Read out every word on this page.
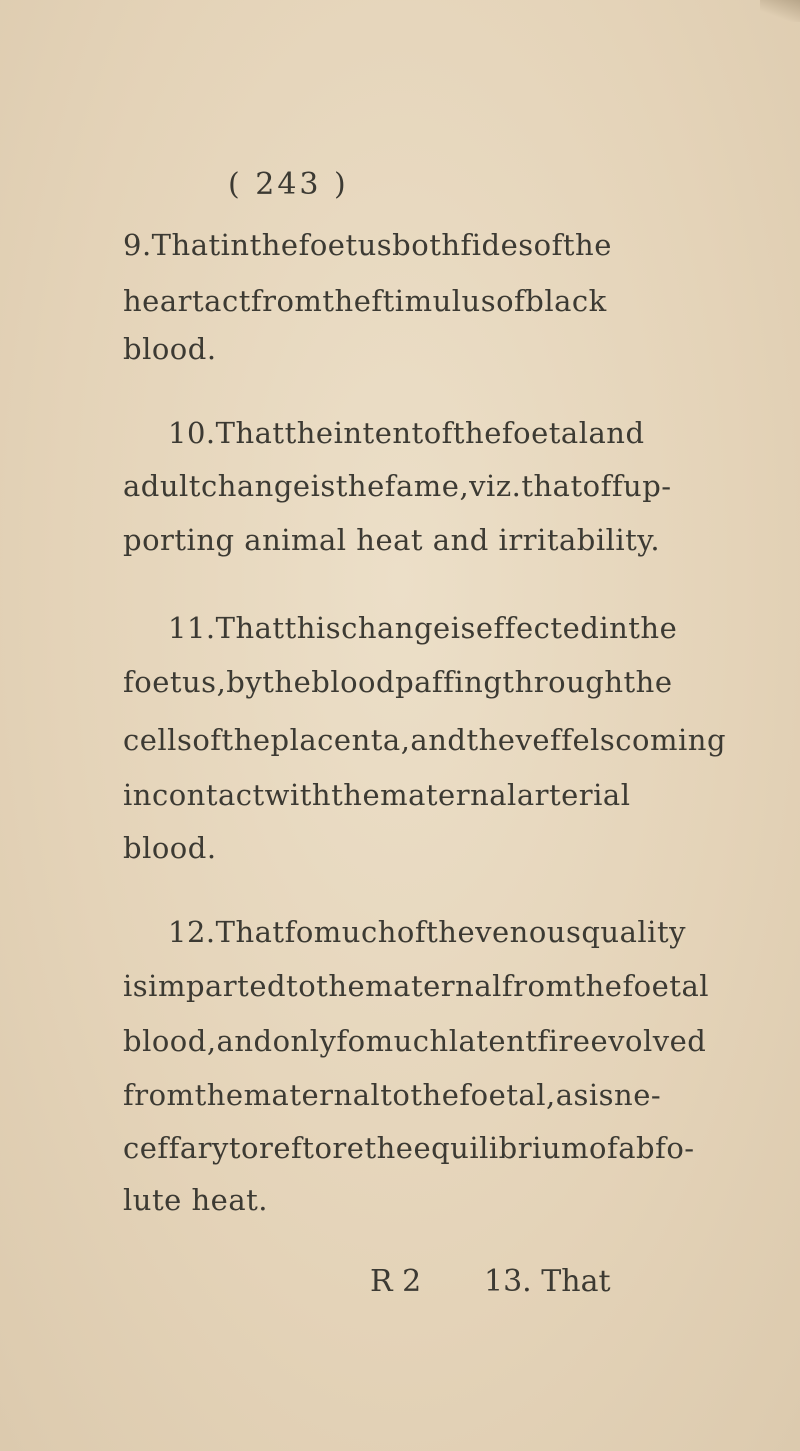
( 243 )
9. That in the foetus both fides of the
heart act from the ftimulus of black
blood.
10. That the intent of the foetal and
adult change is the fame, viz. that of fup-
porting animal heat and irritability.
11. That this change is effected in the
foetus, by the blood paffing through the
cells of the placenta, and the veffels coming
in contact with the maternal arterial
blood.
12. That fo much of the venous quality
is imparted to the maternal from the foetal
blood, and only fo much latent fire evolved
from the maternal to the foetal, as is ne-
ceffary to reftore the equilibrium of abfo-
lute heat.
R 2 13. That
